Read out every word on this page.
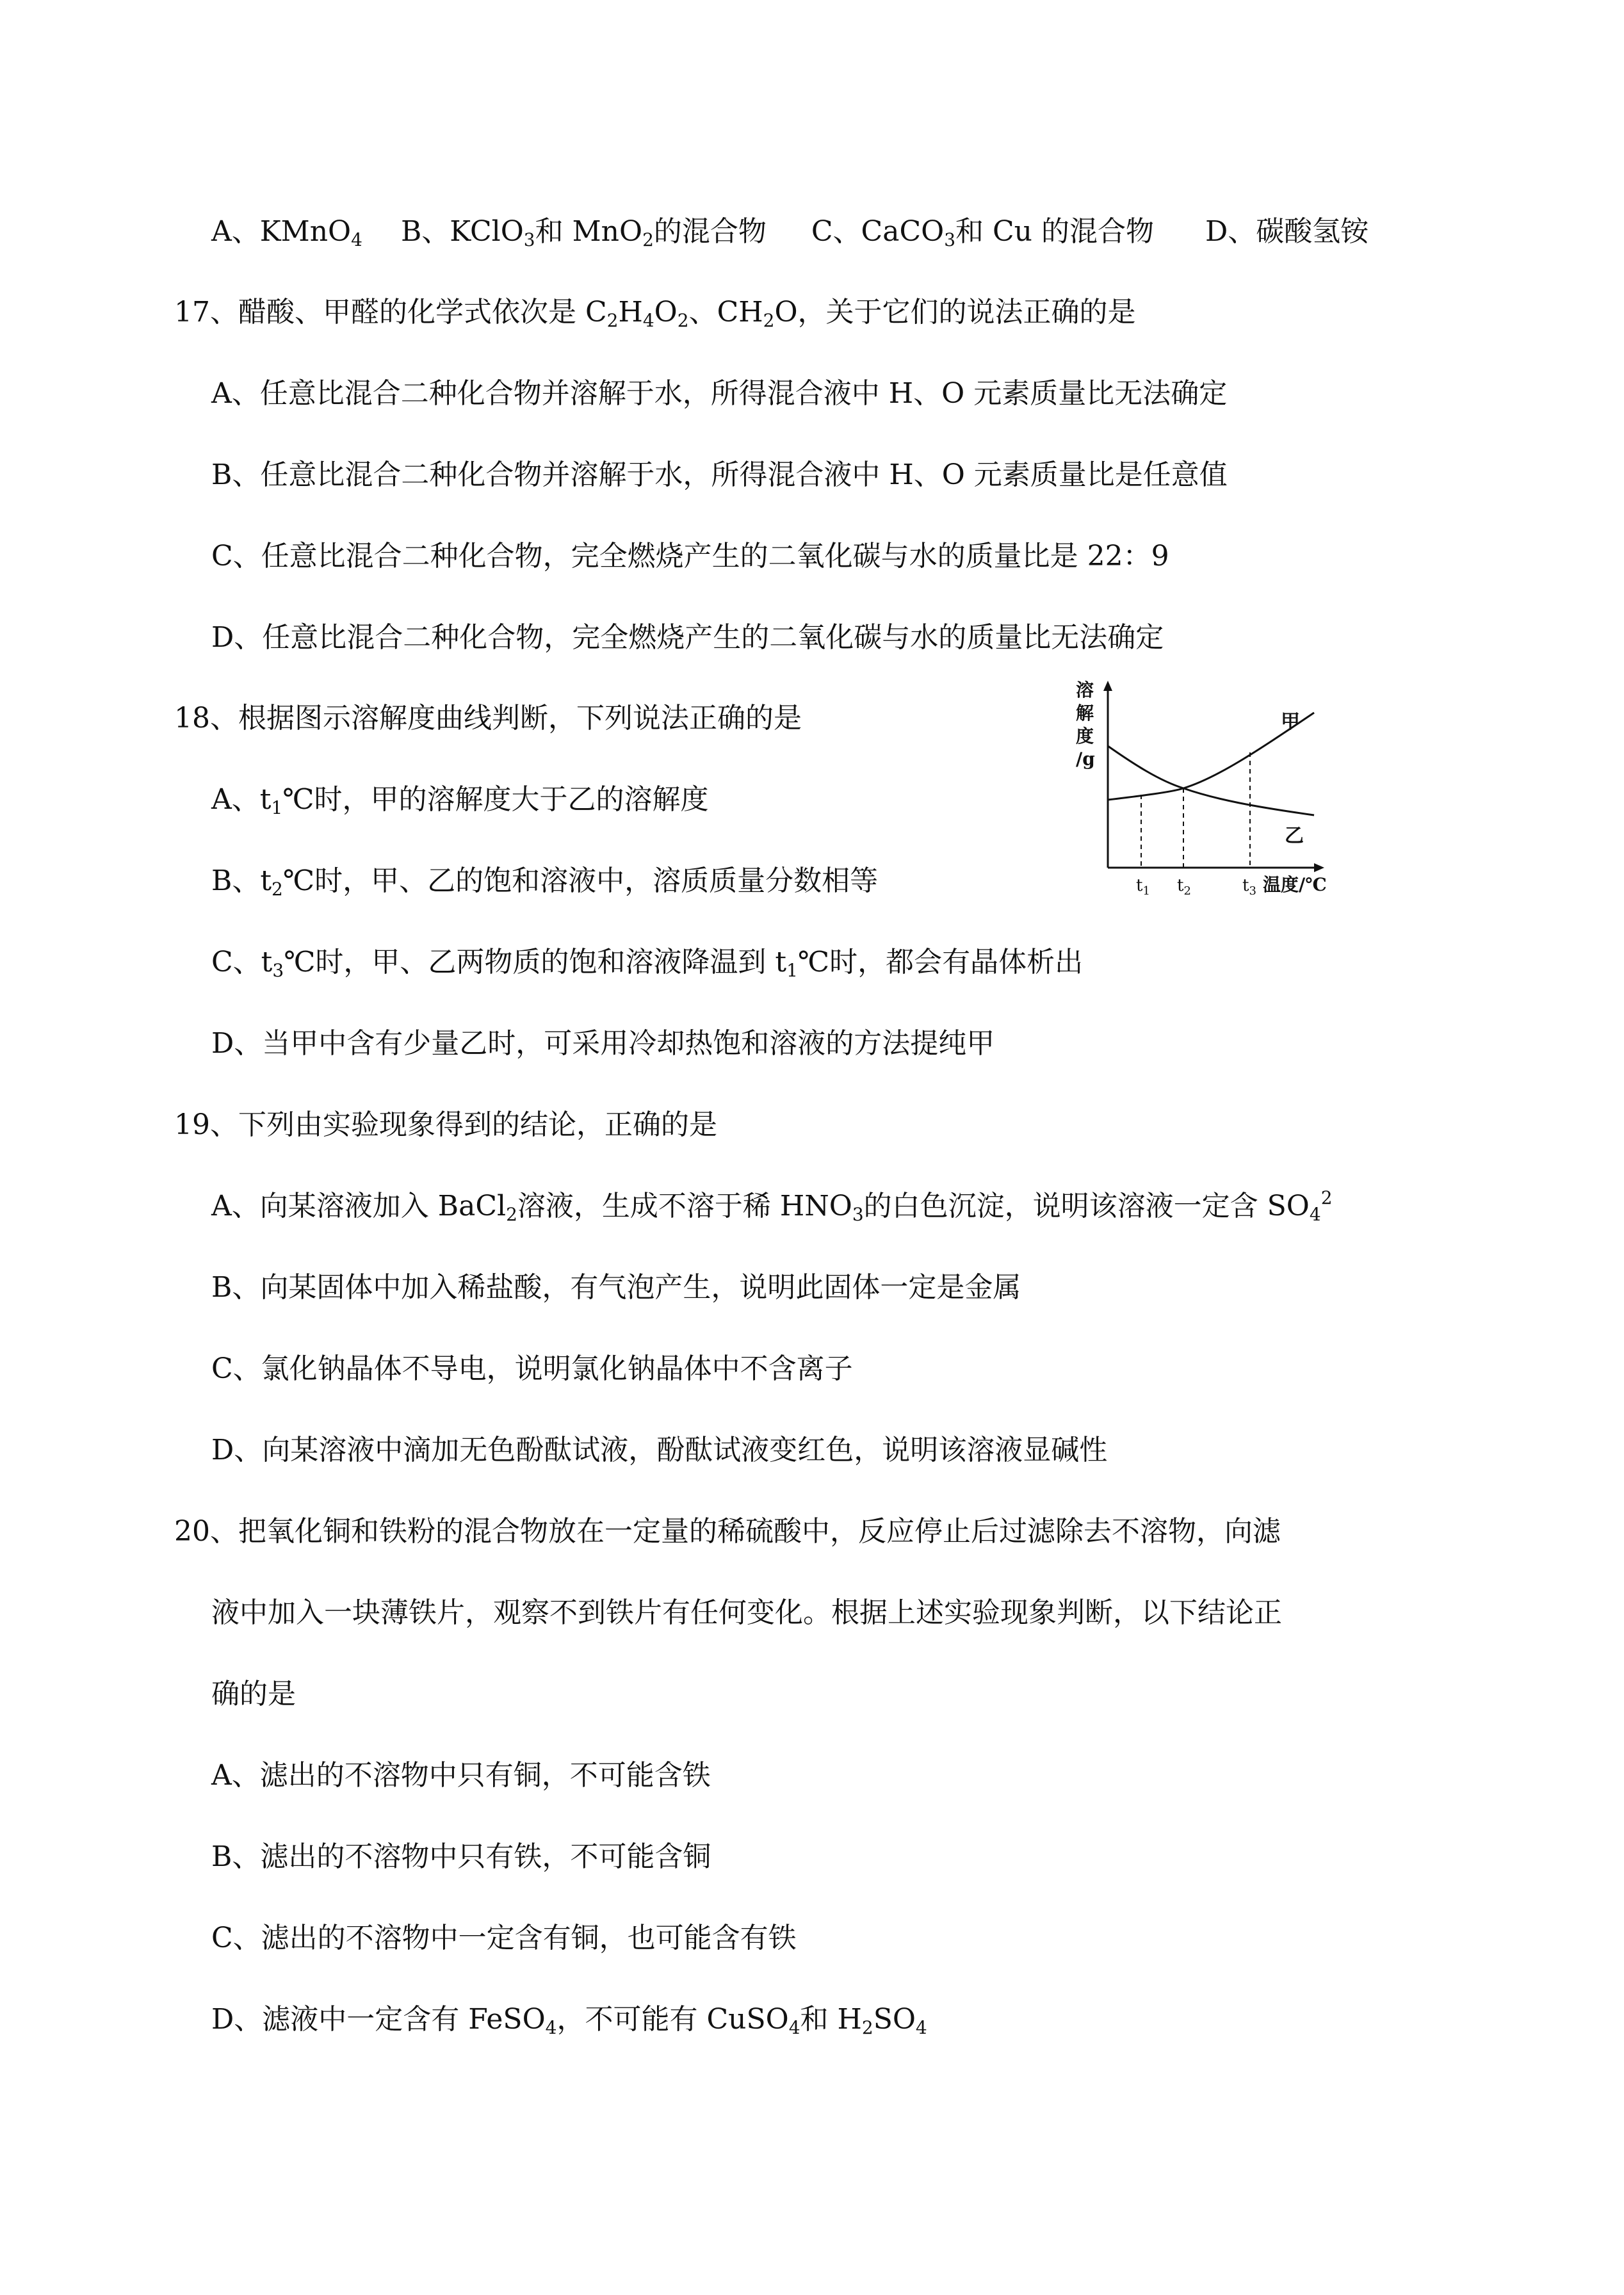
A、KMnO$_4$ B、KClO$_3$和 MnO$_2$的混合物 C、CaCO$_3$和 Cu 的混合物 D、碳酸氢铵
17、醋酸、甲醛的化学式依次是 $C_2H_4O_2$、$CH_2O$，关于它们的说法正确的是
A、任意比混合二种化合物并溶解于水，所得混合液中 H、O 元素质量比无法确定
B、任意比混合二种化合物并溶解于水，所得混合液中 H、O 元素质量比是任意值
C、任意比混合二种化合物，完全燃烧产生的二氧化碳与水的质量比是 22：9
D、任意比混合二种化合物，完全燃烧产生的二氧化碳与水的质量比无法确定
18、根据图示溶解度曲线判断，下列说法正确的是
A、$t_1℃$时，甲的溶解度大于乙的溶解度
B、$t_2℃$时，甲、乙的饱和溶液中，溶质质量分数相等
C、$t_3℃$时，甲、乙两物质的饱和溶液降温到 $t_1℃$时，都会有晶体析出
D、当甲中含有少量乙时，可采用冷却热饱和溶液的方法提纯甲
溶
解
度
/g
甲
乙
$t_1$ $t_2$	$t_3$ 温度/℃
19、下列由实验现象得到的结论，正确的是
A、向某溶液加入 BaCl$_2$溶液，生成不溶于稀 $HNO_3$的白色沉淀，说明该溶液一定含 $SO_4^2$
B、向某固体中加入稀盐酸，有气泡产生，说明此固体一定是金属
C、氯化钠晶体不导电，说明氯化钠晶体中不含离子
D、向某溶液中滴加无色酚酞试液，酚酞试液变红色，说明该溶液显碱性
20、把氧化铜和铁粉的混合物放在一定量的稀硫酸中，反应停止后过滤除去不溶物，向滤
液中加入一块薄铁片，观察不到铁片有任何变化。根据上述实验现象判断，以下结论正
确的是
A、滤出的不溶物中只有铜，不可能含铁
B、滤出的不溶物中只有铁，不可能含铜
C、滤出的不溶物中一定含有铜，也可能含有铁
D、滤液中一定含有 FeSO$_4$，不可能有 CuSO$_4$和 $H_2SO_4$
